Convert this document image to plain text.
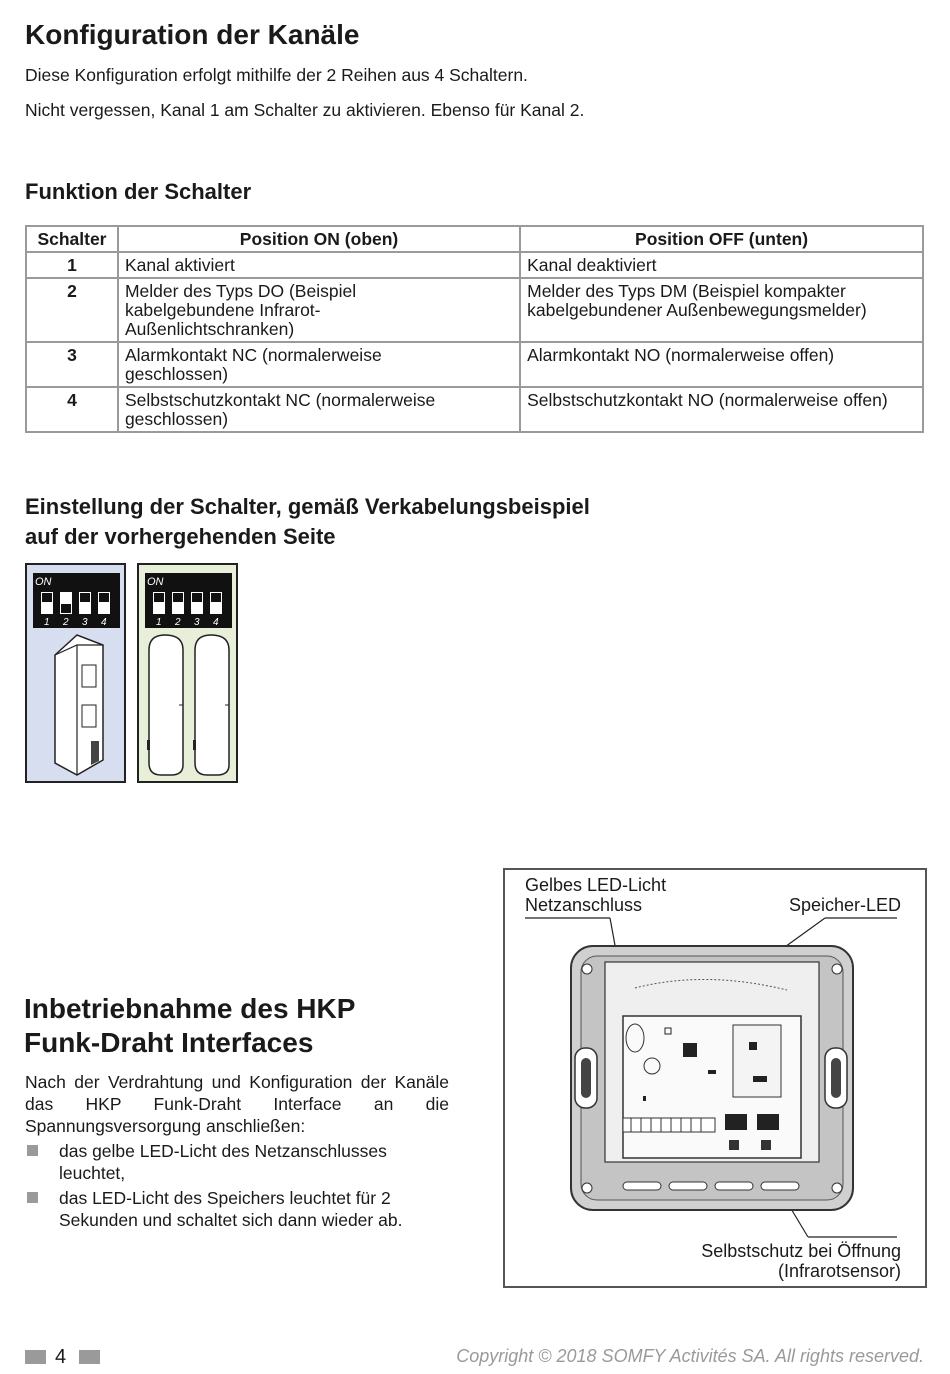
Konfiguration der Kanäle

Diese Konfiguration erfolgt mithilfe der 2 Reihen aus 4 Schaltern.

Nicht vergessen, Kanal 1 am Schalter zu aktivieren. Ebenso für Kanal 2.

Funktion der Schalter
Schalter	Position ON (oben)	Position OFF (unten)
1	Kanal aktiviert	Kanal deaktiviert
2	Melder des Typs DO (Beispiel kabelgebundene Infrarot-Außenlichtschranken)	Melder des Typs DM (Beispiel kompakter kabelgebundener Außenbewegungsmelder)
3	Alarmkontakt NC (normalerweise geschlossen)	Alarmkontakt NO (normalerweise offen)
4	Selbstschutzkontakt NC (normalerweise geschlossen)	Selbstschutzkontakt NO (normalerweise offen)
Einstellung der Schalter, gemäß Verkabelungsbeispiel
auf der vorhergehenden Seite
ON
1 2 3 4
ON
1 2 3 4
Inbetriebnahme des HKP
Funk-Draht Interfaces

Nach der Verdrahtung und Konfiguration der Kanäle das HKP Funk-Draht Interface an die Spannungsversorgung anschließen:

das gelbe LED-Licht des Netzanschlusses leuchtet,
das LED-Licht des Speichers leuchtet für 2 Sekunden und schaltet sich dann wieder ab.
Gelbes LED-Licht
Netzanschluss	Speicher-LED
Selbstschutz bei Öffnung
(Infrarotsensor)
4	Copyright © 2018 SOMFY Activités SA. All rights reserved.
